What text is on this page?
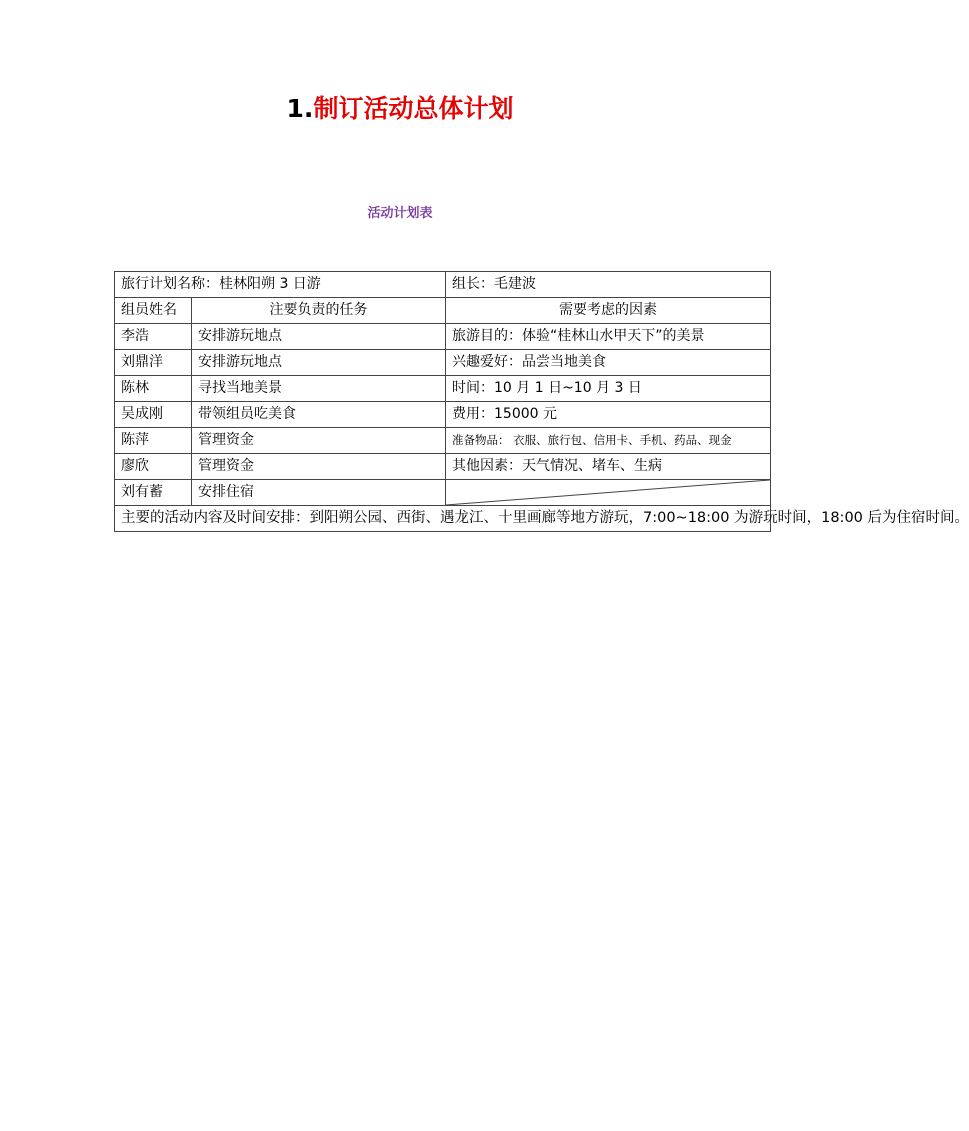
1.制订活动总体计划
活动计划表
旅行计划名称：桂林阳朔 3 日游		组长：毛建波
组员姓名	注要负责的任务	需要考虑的因素
李浩	安排游玩地点	旅游目的：体验“桂林山水甲天下”的美景
刘鼎洋	安排游玩地点	兴趣爱好：品尝当地美食
陈林	寻找当地美景	时间：10 月 1 日~10 月 3 日
吴成刚	带领组员吃美食	费用：15000 元
陈萍	管理资金	准备物品： 衣服、旅行包、信用卡、手机、药品、现金
廖欣	管理资金	其他因素：天气情况、堵车、生病
刘有蓄	安排住宿	

主要的活动内容及时间安排：到阳朔公园、西街、遇龙江、十里画廊等地方游玩，7:00~18:00 为游玩时间，18:00 后为住宿时间。		
